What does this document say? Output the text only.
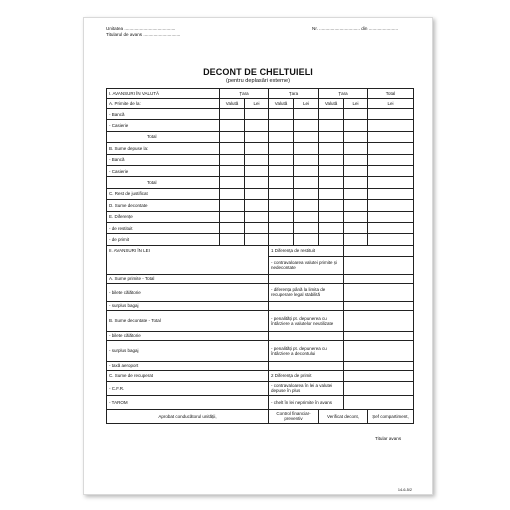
Unitatea ........................................
Titularul de avans .............................
Nr. ................................ din .......................
DECONT DE CHELTUIELI
(pentru deplasări externe)
I. AVANSURI ÎN VALUTĂ	Țara		Țara		Țara		Total
A. Primite de la:	Valută	Lei	Valută	Lei	Valută	Lei	Lei
- Bancă							
- Casierie							
Total							
B. Sume depuse la:							
- Bancă							
- Casierie							
Total							
C. Rest de justificat							
D. Sume decontate							
E. Diferențe							
- de restituit							
- de primit							
II. AVANSURI ÎN LEI			1 Diferența de restituit				
			- contravaloarea valutei primite și nedecontate				
A. Sume primite - Total							
- bilete călătorie			- diferența până la limita de recuperare legal stabilită				
- surplus bagaj							
B. Sume decontate - Total			- penalități pt. depunerea cu întârziere a valutelor neutilizate				
- bilete călătorie							
- surplus bagaj			- penalități pt. depunerea cu întârziere a decontului				
- taxă aeroport							
C. Sume de recuperat			2 Diferența de primit				
- C.F.R.			- contravaloarea în lei a valutei depuse în plus				
- TAROM			- chelt în lei neprimite în avans				
Aprobat conducătorul unității,			Control financiar-preventiv		Verificat decont,		Șef compartiment,
Titular avans
14-6-5/2
